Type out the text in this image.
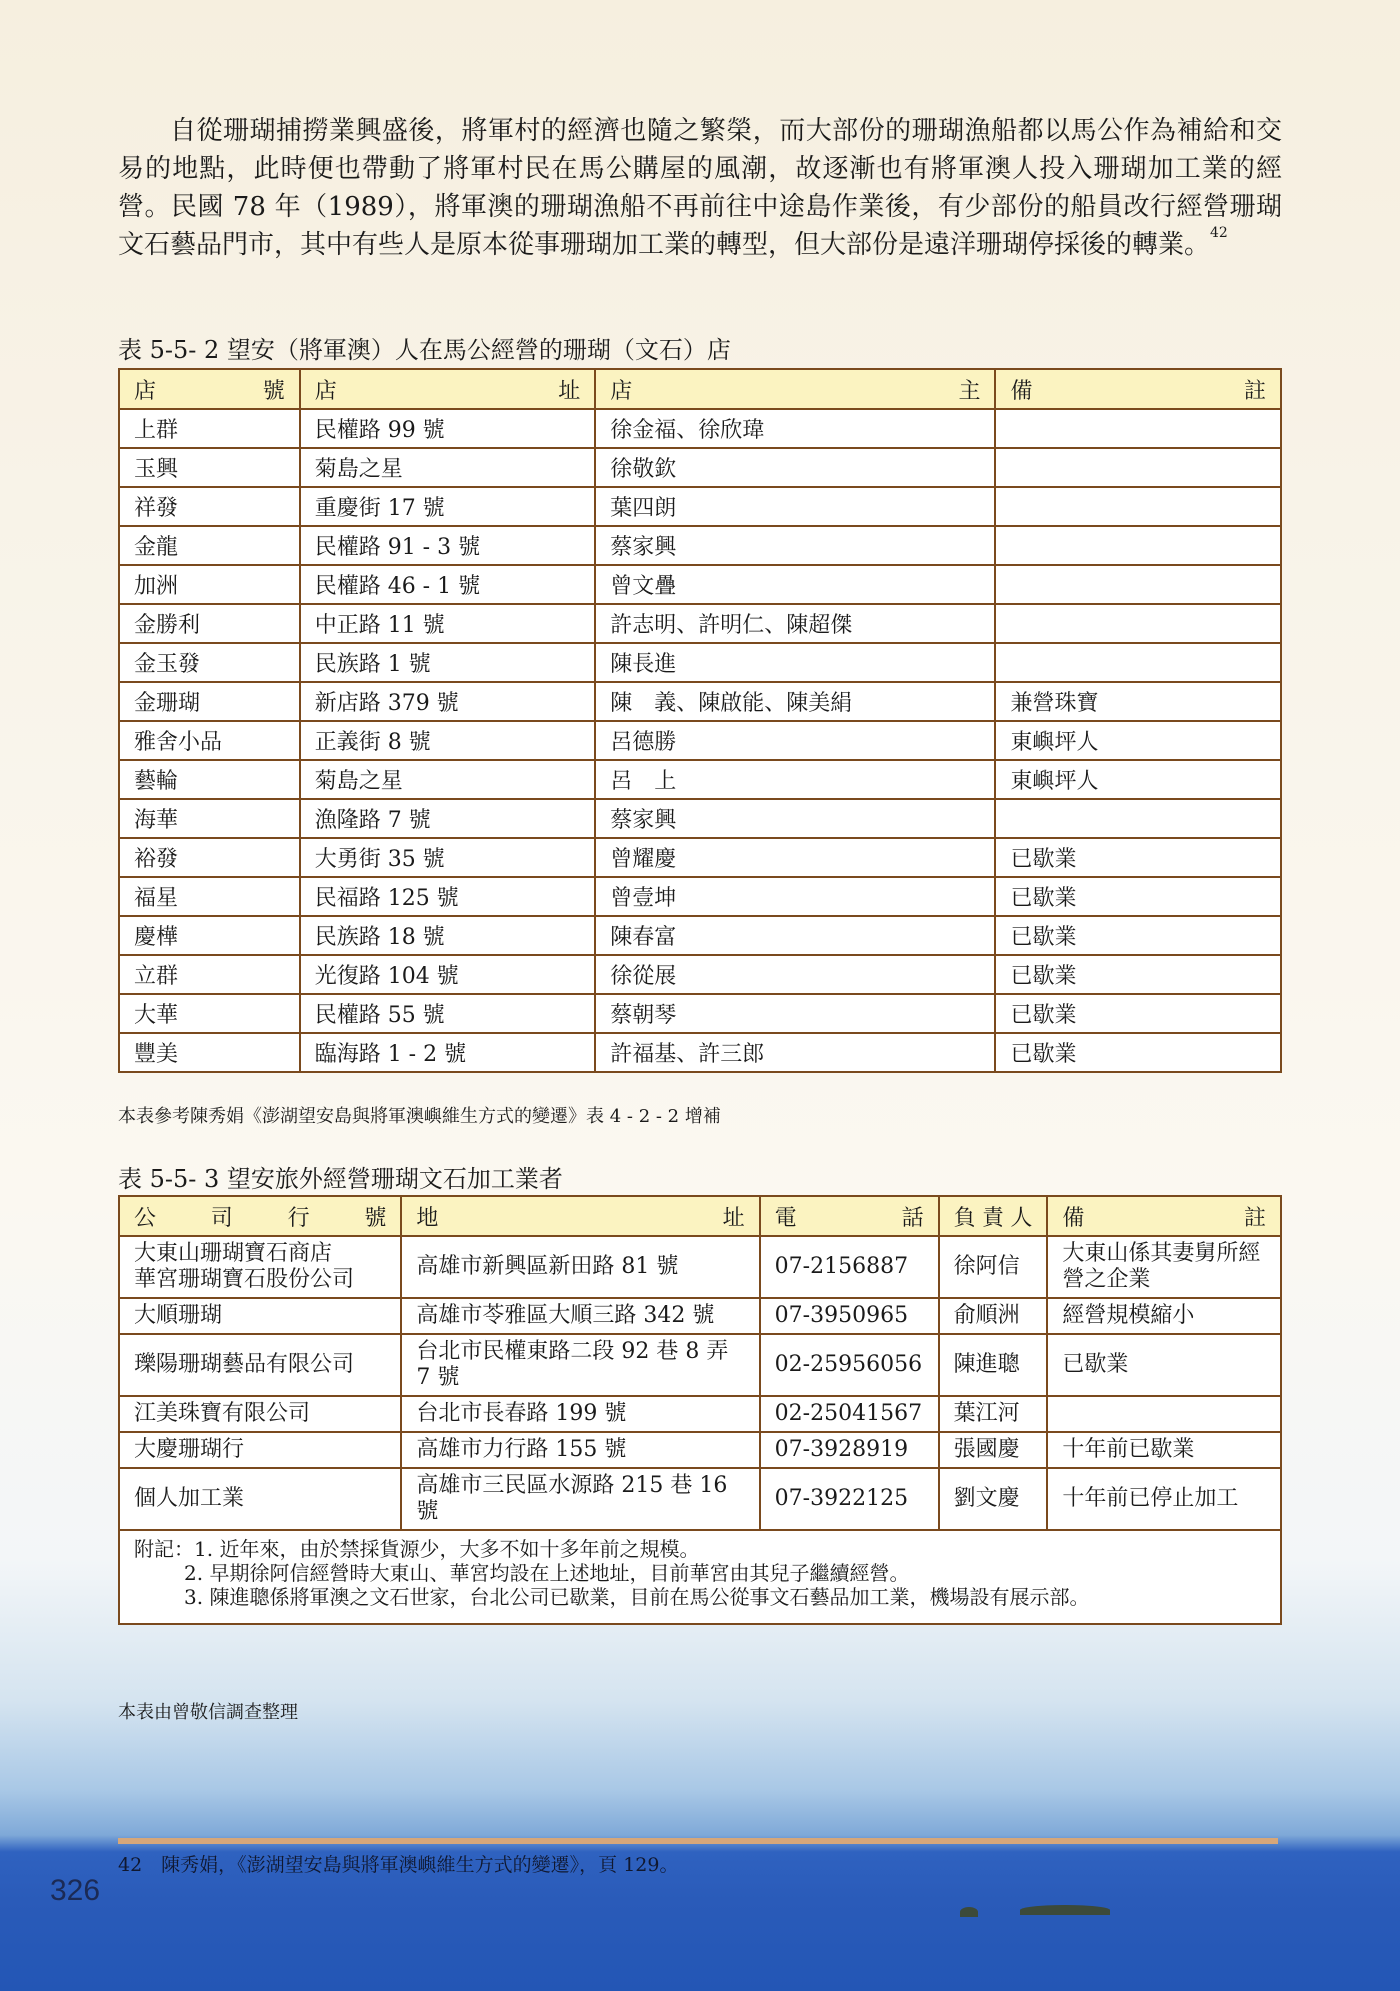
自從珊瑚捕撈業興盛後，將軍村的經濟也隨之繁榮，而大部份的珊瑚漁船都以馬公作為補給和交易的地點，此時便也帶動了將軍村民在馬公購屋的風潮，故逐漸也有將軍澳人投入珊瑚加工業的經營。民國 78 年（1989），將軍澳的珊瑚漁船不再前往中途島作業後，有少部份的船員改行經營珊瑚文石藝品門市，其中有些人是原本從事珊瑚加工業的轉型，但大部份是遠洋珊瑚停採後的轉業。$^{42}$

表 5-5- 2 望安（將軍澳）人在馬公經營的珊瑚（文石）店
店號	店址	店主	備註
上群	民權路 99 號	徐金福、徐欣瑋	
玉興	菊島之星	徐敬欽	
祥發	重慶街 17 號	葉四朗	
金龍	民權路 91 - 3 號	蔡家興	
加洲	民權路 46 - 1 號	曾文疊	
金勝利	中正路 11 號	許志明、許明仁、陳超傑	
金玉發	民族路 1 號	陳長進	
金珊瑚	新店路 379 號	陳　義、陳啟能、陳美絹	兼營珠寶
雅舍小品	正義街 8 號	呂德勝	東嶼坪人
藝輪	菊島之星	呂　上	東嶼坪人
海華	漁隆路 7 號	蔡家興	
裕發	大勇街 35 號	曾耀慶	已歇業
福星	民福路 125 號	曾壹坤	已歇業
慶樺	民族路 18 號	陳春富	已歇業
立群	光復路 104 號	徐從展	已歇業
大華	民權路 55 號	蔡朝琴	已歇業
豐美	臨海路 1 - 2 號	許福基、許三郎	已歇業
本表參考陳秀娟《澎湖望安島與將軍澳嶼維生方式的變遷》表 4 - 2 - 2 增補
表 5-5- 3 望安旅外經營珊瑚文石加工業者
公司行號	地址	電話	負責人	備註

大東山珊瑚寶石商店
華宮珊瑚寶石股份公司	高雄市新興區新田路 81 號	07-2156887	徐阿信	大東山係其妻舅所經營之企業
大順珊瑚	高雄市苓雅區大順三路 342 號	07-3950965	俞順洲	經營規模縮小
瓅陽珊瑚藝品有限公司	台北市民權東路二段 92 巷 8 弄 7 號	02-25956056	陳進聰	已歇業
江美珠寶有限公司	台北市長春路 199 號	02-25041567	葉江河	
大慶珊瑚行	高雄市力行路 155 號	07-3928919	張國慶	十年前已歇業
個人加工業	高雄市三民區水源路 215 巷 16 號	07-3922125	劉文慶	十年前已停止加工

附記：1. 近年來，由於禁採貨源少，大多不如十多年前之規模。
2. 早期徐阿信經營時大東山、華宮均設在上述地址，目前華宮由其兒子繼續經營。
3. 陳進聰係將軍澳之文石世家，台北公司已歇業，目前在馬公從事文石藝品加工業，機場設有展示部。				
本表由曾敬信調查整理
42　陳秀娟，《澎湖望安島與將軍澳嶼維生方式的變遷》，頁 129。
326
